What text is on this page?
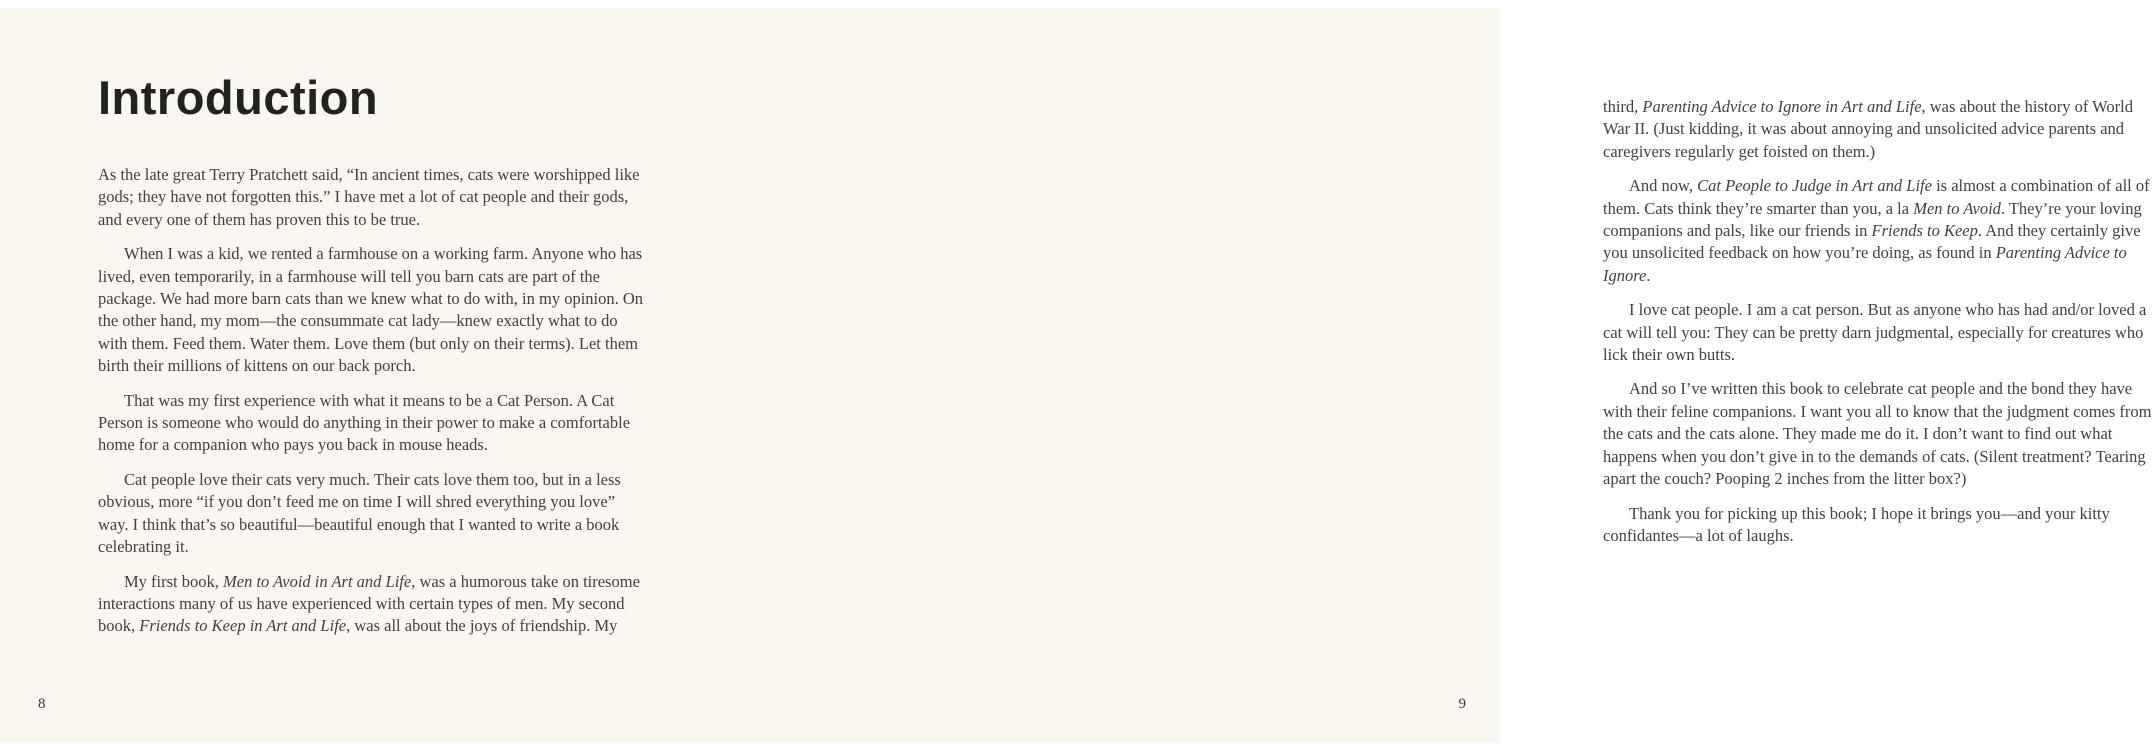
Introduction

As the late great Terry Pratchett said, “In ancient times, cats were worshipped like gods; they have not forgotten this.” I have met a lot of cat people and their gods, and every one of them has proven this to be true.

When I was a kid, we rented a farmhouse on a working farm. Anyone who has lived, even temporarily, in a farmhouse will tell you barn cats are part of the package. We had more barn cats than we knew what to do with, in my opinion. On the other hand, my mom—the consummate cat lady—knew exactly what to do with them. Feed them. Water them. Love them (but only on their terms). Let them birth their millions of kittens on our back porch.

That was my first experience with what it means to be a Cat Person. A Cat Person is someone who would do anything in their power to make a comfortable home for a companion who pays you back in mouse heads.

Cat people love their cats very much. Their cats love them too, but in a less obvious, more “if you don’t feed me on time I will shred everything you love” way. I think that’s so beautiful—beautiful enough that I wanted to write a book celebrating it.

My first book, Men to Avoid in Art and Life, was a humorous take on tiresome interactions many of us have experienced with certain types of men. My second book, Friends to Keep in Art and Life, was all about the joys of friendship. My

8

third, Parenting Advice to Ignore in Art and Life, was about the history of World War II. (Just kidding, it was about annoying and unsolicited advice parents and caregivers regularly get foisted on them.)

And now, Cat People to Judge in Art and Life is almost a combination of all of them. Cats think they’re smarter than you, a la Men to Avoid. They’re your loving companions and pals, like our friends in Friends to Keep. And they certainly give you unsolicited feedback on how you’re doing, as found in Parenting Advice to Ignore.

I love cat people. I am a cat person. But as anyone who has had and/or loved a cat will tell you: They can be pretty darn judgmental, especially for creatures who lick their own butts.

And so I’ve written this book to celebrate cat people and the bond they have with their feline companions. I want you all to know that the judgment comes from the cats and the cats alone. They made me do it. I don’t want to find out what happens when you don’t give in to the demands of cats. (Silent treatment? Tearing apart the couch? Pooping 2 inches from the litter box?)

Thank you for picking up this book; I hope it brings you—and your kitty confidantes—a lot of laughs.

9
